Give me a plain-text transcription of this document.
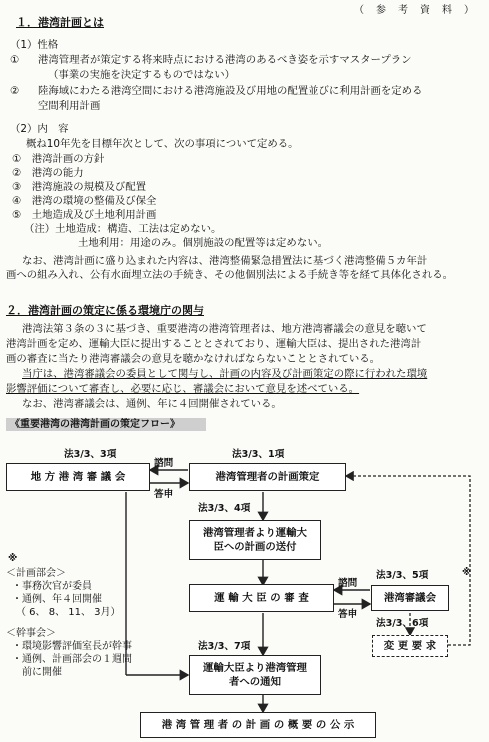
（　参　考　資　料　）
１．港湾計画とは
（1）性格
① 港湾管理者が策定する将来時点における港湾のあるべき姿を示すマスタープラン
（事業の実施を決定するものではない）
② 陸海域にわたる港湾空間における港湾施設及び用地の配置並びに利用計画を定める
空間利用計画
（2）内　容
概ね10年先を目標年次として、次の事項について定める。
①　港湾計画の方針
②　港湾の能力
③　港湾施設の規模及び配置
④　港湾の環境の整備及び保全
⑤　土地造成及び土地利用計画
（注）土地造成：構造、工法は定めない。
土地利用：用途のみ。個別施設の配置等は定めない。
なお、港湾計画に盛り込まれた内容は、港湾整備緊急措置法に基づく港湾整備５カ年計
画への組み入れ、公有水面埋立法の手続き、その他個別法による手続き等を経て具体化される。
２．港湾計画の策定に係る環境庁の関与
港湾法第３条の３に基づき、重要港湾の港湾管理者は、地方港湾審議会の意見を聴いて
港湾計画を定め、運輸大臣に提出することとされており、運輸大臣は、提出された港湾計
画の審査に当たり港湾審議会の意見を聴かなければならないこととされている。
当庁は、港湾審議会の委員として関与し、計画の内容及び計画策定の際に行われた環境
影響評価について審査し、必要に応じ、審議会において意見を述べている。
なお、港湾審議会は、通例、年に４回開催されている。
《重要港湾の港湾計画の策定フロー》
地 方 港 湾 審 議 会	港湾管理者の計画策定
港湾管理者より運輸大
臣への計画の送付
運 輸 大 臣 の 審 査	港湾審議会
変 更 要 求
運輸大臣より港湾管理
者への通知
港 湾 管 理 者 の 計 画 の 概 要 の 公 示
法3/3、3項	法3/3、1項
法3/3、4項
法3/3、5項
法3/3、6項
法3/3、7項
諮問
答申
諮問
答申
※
※
＜計画部会＞
・事務次官が委員
・通例、年４回開催
（ 6、 8、 11、 3月）
＜幹事会＞
・環境影響評価室長が幹事
・通例、計画部会の１週間
前に開催
